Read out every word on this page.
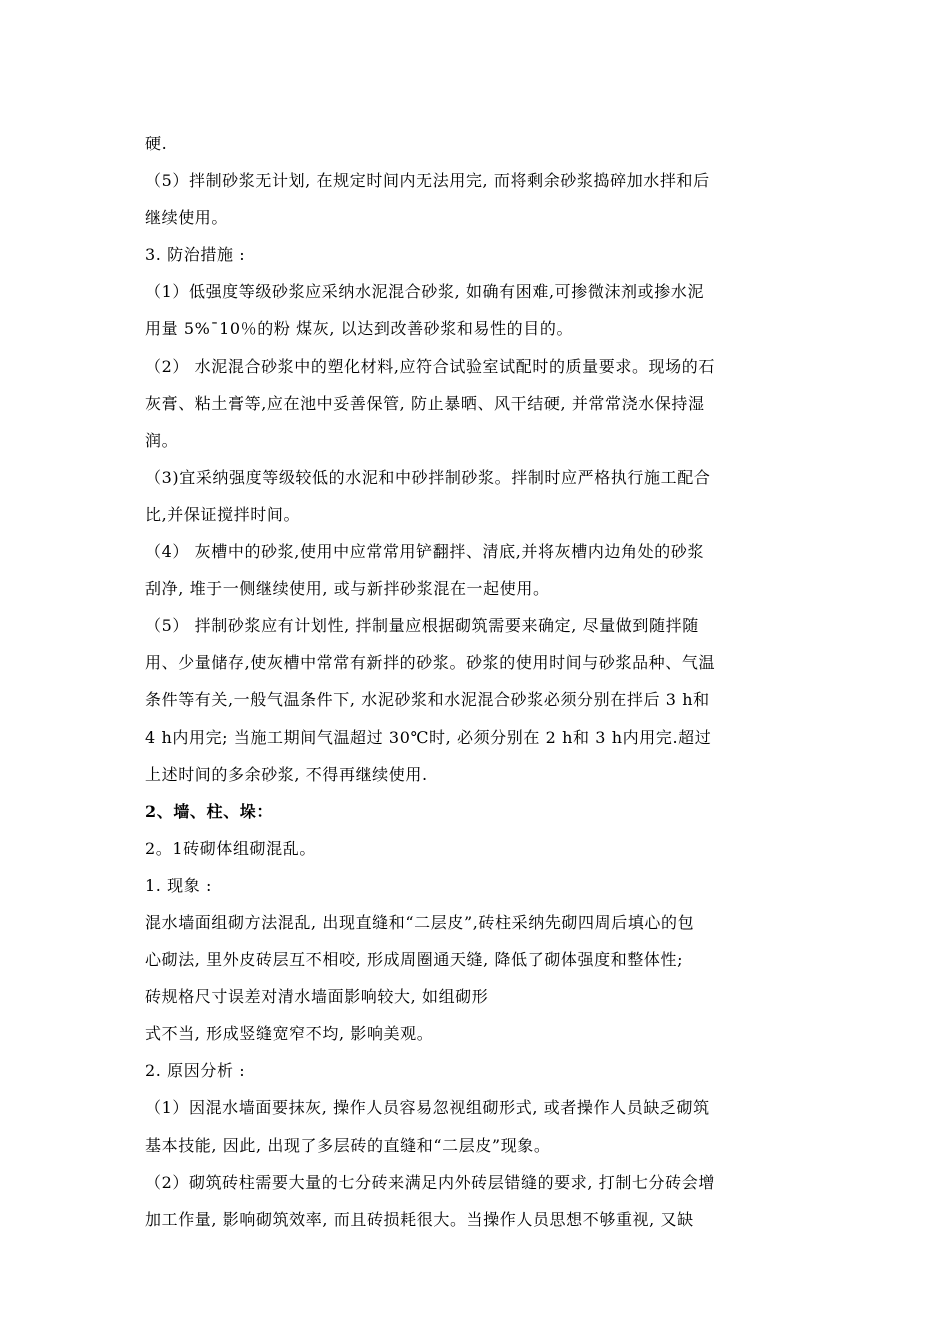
硬.
（5）拌制砂浆无计划, 在规定时间内无法用完, 而将剩余砂浆捣碎加水拌和后
继续使用。
3. 防治措施 :
（1）低强度等级砂浆应采纳水泥混合砂浆, 如确有困难,可掺微沫剂或掺水泥
用量 5%¯10％的粉 煤灰, 以达到改善砂浆和易性的目的。
（2） 水泥混合砂浆中的塑化材料,应符合试验室试配时的质量要求。现场的石
灰膏、粘土膏等,应在池中妥善保管, 防止暴晒、风干结硬, 并常常浇水保持湿
润。
（3)宜采纳强度等级较低的水泥和中砂拌制砂浆。拌制时应严格执行施工配合
比,并保证搅拌时间。
（4） 灰槽中的砂浆,使用中应常常用铲翻拌、清底,并将灰槽内边角处的砂浆
刮净, 堆于一侧继续使用, 或与新拌砂浆混在一起使用。
（5） 拌制砂浆应有计划性, 拌制量应根据砌筑需要来确定, 尽量做到随拌随
用、少量储存,使灰槽中常常有新拌的砂浆。砂浆的使用时间与砂浆品种、气温
条件等有关,一般气温条件下, 水泥砂浆和水泥混合砂浆必须分别在拌后 3 h和
4 h内用完; 当施工期间气温超过 30℃时, 必须分别在 2 h和 3 h内用完.超过
上述时间的多余砂浆, 不得再继续使用.
2、墙、柱、垛：
2。1砖砌体组砌混乱。
1. 现象 :
混水墙面组砌方法混乱, 出现直缝和“二层皮”,砖柱采纳先砌四周后填心的包
心砌法, 里外皮砖层互不相咬, 形成周圈通天缝, 降低了砌体强度和整体性;
砖规格尺寸误差对清水墙面影响较大, 如组砌形
式不当, 形成竖缝宽窄不均, 影响美观。
2. 原因分析 :
（1）因混水墙面要抹灰, 操作人员容易忽视组砌形式, 或者操作人员缺乏砌筑
基本技能, 因此, 出现了多层砖的直缝和“二层皮”现象。
（2）砌筑砖柱需要大量的七分砖来满足内外砖层错缝的要求, 打制七分砖会增
加工作量, 影响砌筑效率, 而且砖损耗很大。当操作人员思想不够重视, 又缺
